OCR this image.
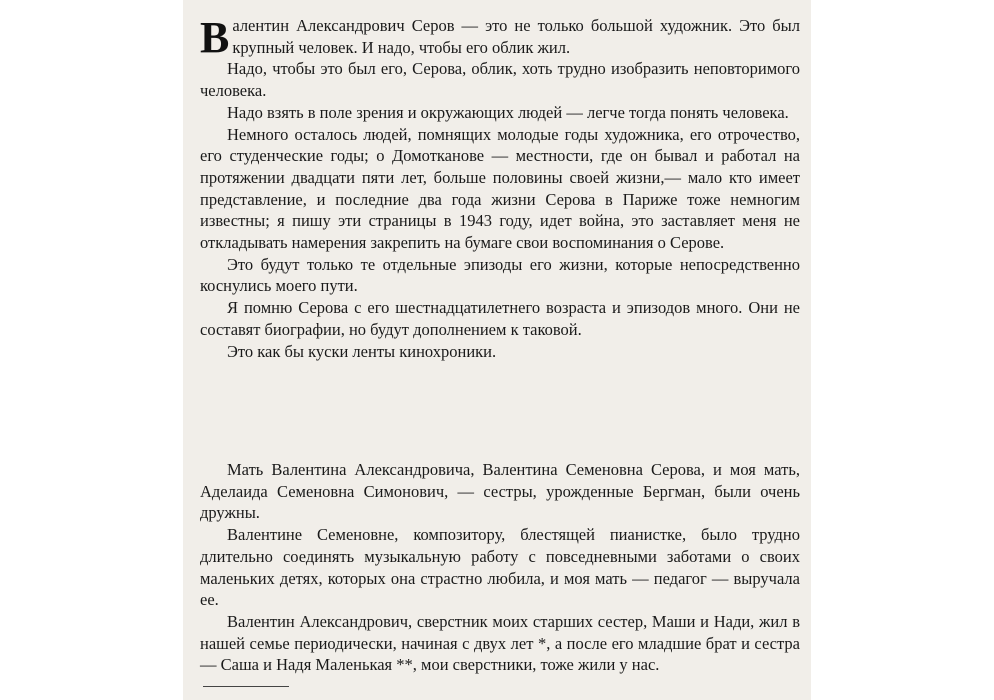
Валентин Александрович Серов — это не только большой художник. Это был крупный человек. И надо, чтобы его облик жил.

Надо, чтобы это был его, Серова, облик, хоть трудно изобразить неповторимого человека.

Надо взять в поле зрения и окружающих людей — легче тогда понять человека.

Немного осталось людей, помнящих молодые годы художника, его отрочество, его студенческие годы; о Домотканове — местности, где он бывал и работал на протяжении двадцати пяти лет, больше половины своей жизни,— мало кто имеет представление, и последние два года жизни Серова в Париже тоже немногим известны; я пишу эти страницы в 1943 году, идет война, это заставляет меня не откладывать намерения закрепить на бумаге свои воспоминания о Серове.

Это будут только те отдельные эпизоды его жизни, которые непосредственно коснулись моего пути.

Я помню Серова с его шестнадцатилетнего возраста и эпизодов много. Они не составят биографии, но будут дополнением к таковой.

Это как бы куски ленты кинохроники.

Мать Валентина Александровича, Валентина Семеновна Серова, и моя мать, Аделаида Семеновна Симонович, — сестры, урожденные Бергман, были очень дружны.

Валентине Семеновне, композитору, блестящей пианистке, было трудно длительно соединять музыкальную работу с повседневными заботами о своих маленьких детях, которых она страстно любила, и моя мать — педагог — выручала ее.

Валентин Александрович, сверстник моих старших сестер, Маши и Нади, жил в нашей семье периодически, начиная с двух лет *, а после его младшие брат и сестра — Саша и Надя Маленькая **, мои сверстники, тоже жили у нас.
